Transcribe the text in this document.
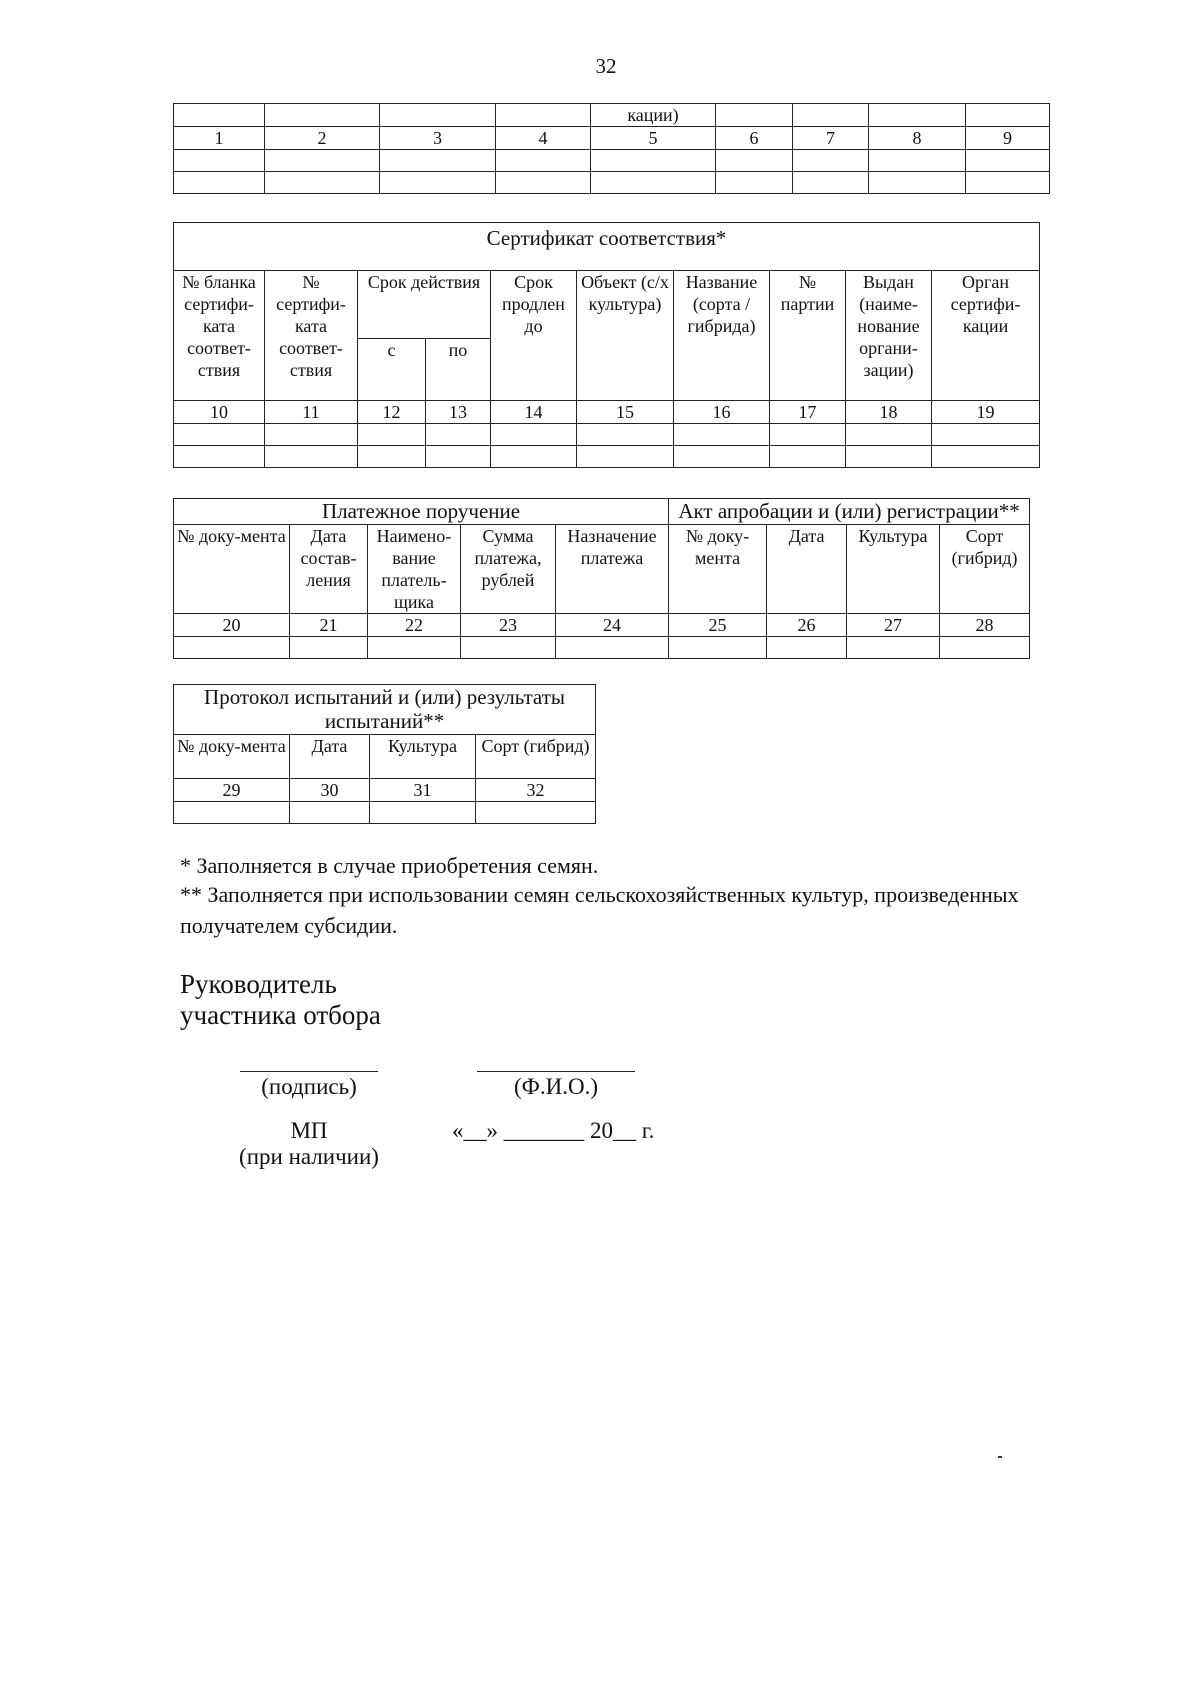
32
				кации)				
1	2	3	4	5	6	7	8	9

Сертификат соответствия*									
№ бланка сертифи-ката соответ-ствия	№ сертифи-ката соответ-ствия	Срок действия		Срок продлен до	Объект (с/х культура)	Название (сорта / гибрида)	№ партии	Выдан (наиме-нование органи-зации)	Орган сертифи-кации
		с	по						
10	11	12	13	14	15	16	17	18	19

Платежное поручение					Акт апробации и (или) регистрации**			
№ доку-мента	Дата состав-ления	Наимено-вание платель-щика	Сумма платежа, рублей	Назначение платежа	№ доку-мента	Дата	Культура	Сорт (гибрид)
20	21	22	23	24	25	26	27	28

Протокол испытаний и (или) результаты испытаний**			
№ доку-мента	Дата	Культура	Сорт (гибрид)
29	30	31	32

* Заполняется в случае приобретения семян.
** Заполняется при использовании семян сельскохозяйственных культур, произведенных получателем субсидии.
Руководитель
участника отбора
(подпись)	(Ф.И.О.)
МП
(при наличии)
«__» _______ 20__ г.
